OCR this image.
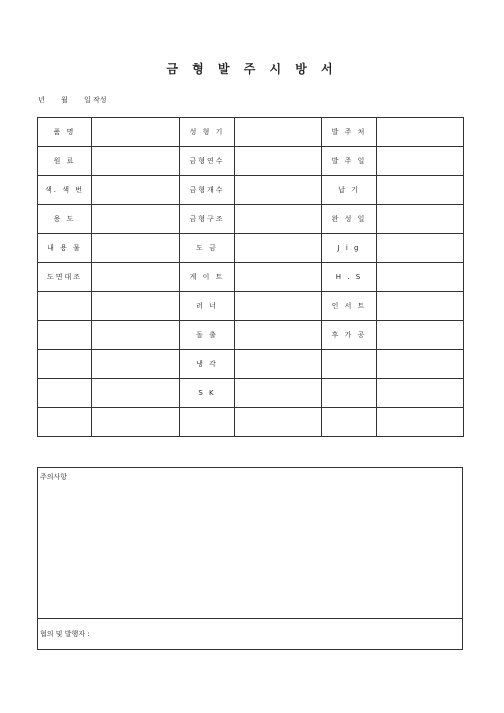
금 형 발 주 시 방 서
년 월 일 작성
품 명		성 형 기		발 주 처	
원 료		금형연수		발 주 일	
색. 색 번		금형개수		납 기	
용 도		금형구조		완 성 일	
내 용 물		도 금		J i g	
도면대조		게 이 트		H . S	
		러 너		인 서 트	
		돌 출		후 가 공	
		냉 각			
		S K			

주의사항
협의 및 발행자 :
